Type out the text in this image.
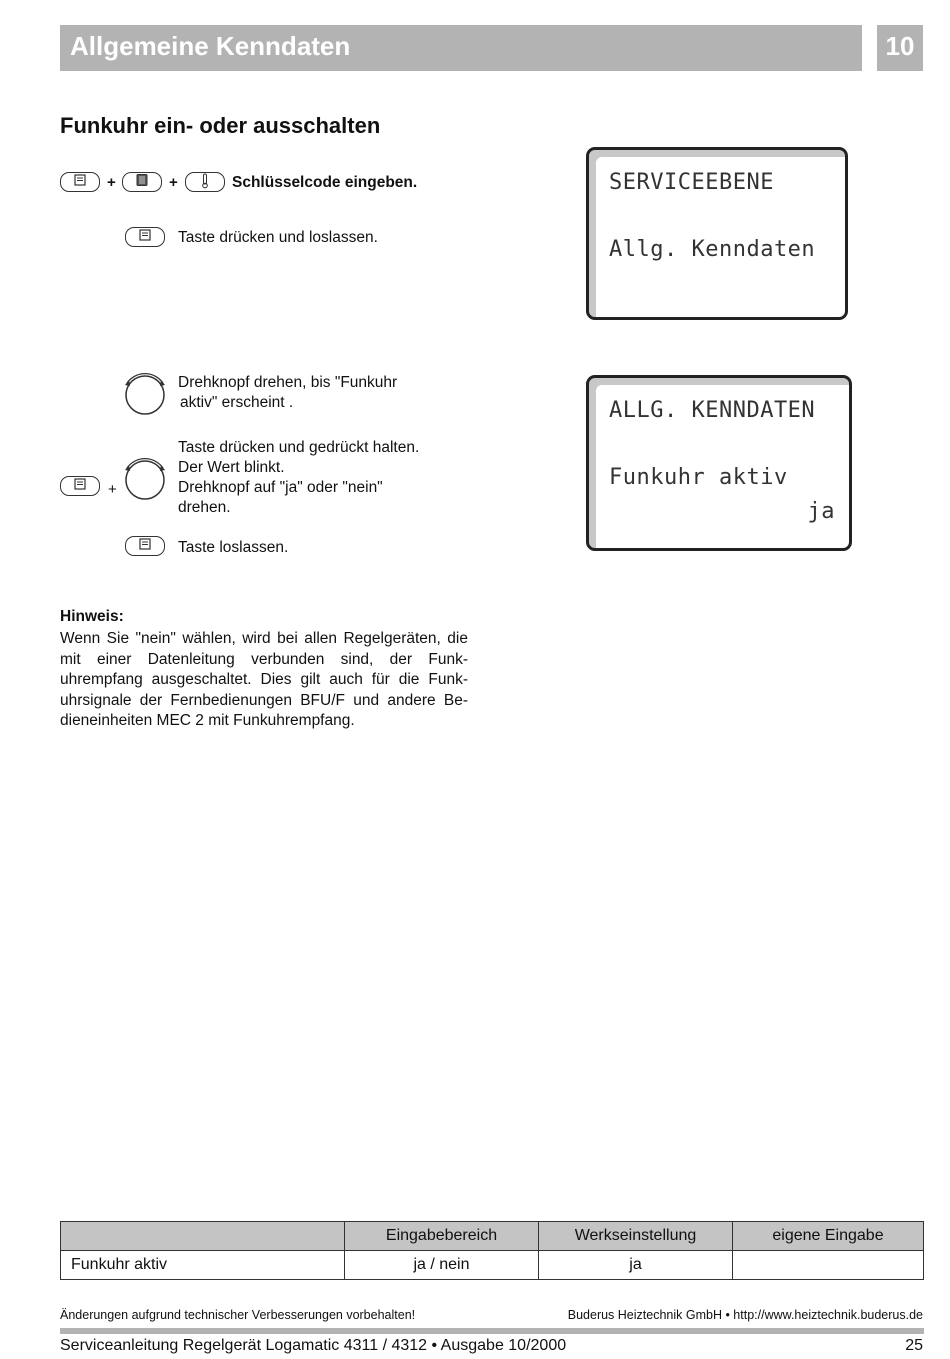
Allgemeine Kenndaten	10
Funkuhr ein- oder ausschalten
+	+	Schlüsselcode eingeben.
Taste drücken und loslassen.
SERVICEEBENE
Allg. Kenndaten
Drehknopf drehen, bis "Funkuhr
aktiv" erscheint .
+
Taste drücken und gedrückt halten.
Der Wert blinkt.
Drehknopf auf "ja" oder "nein"
drehen.
Taste loslassen.
ALLG. KENNDATEN
Funkuhr aktiv
ja
Hinweis:
Wenn Sie "nein" wählen, wird bei allen Regelgeräten, die mit einer Datenleitung verbunden sind, der Funkuhrempfang ausgeschaltet. Dies gilt auch für die Funkuhrsignale der Fernbedienungen BFU/F und andere Bedieneinheiten MEC 2 mit Funkuhrempfang.
	Eingabebereich	Werkseinstellung	eigene Eingabe
Funkuhr aktiv	ja / nein	ja	
Änderungen aufgrund technischer Verbesserungen vorbehalten!	Buderus Heiztechnik GmbH • http://www.heiztechnik.buderus.de
Serviceanleitung Regelgerät Logamatic 4311 / 4312 • Ausgabe 10/2000	25
